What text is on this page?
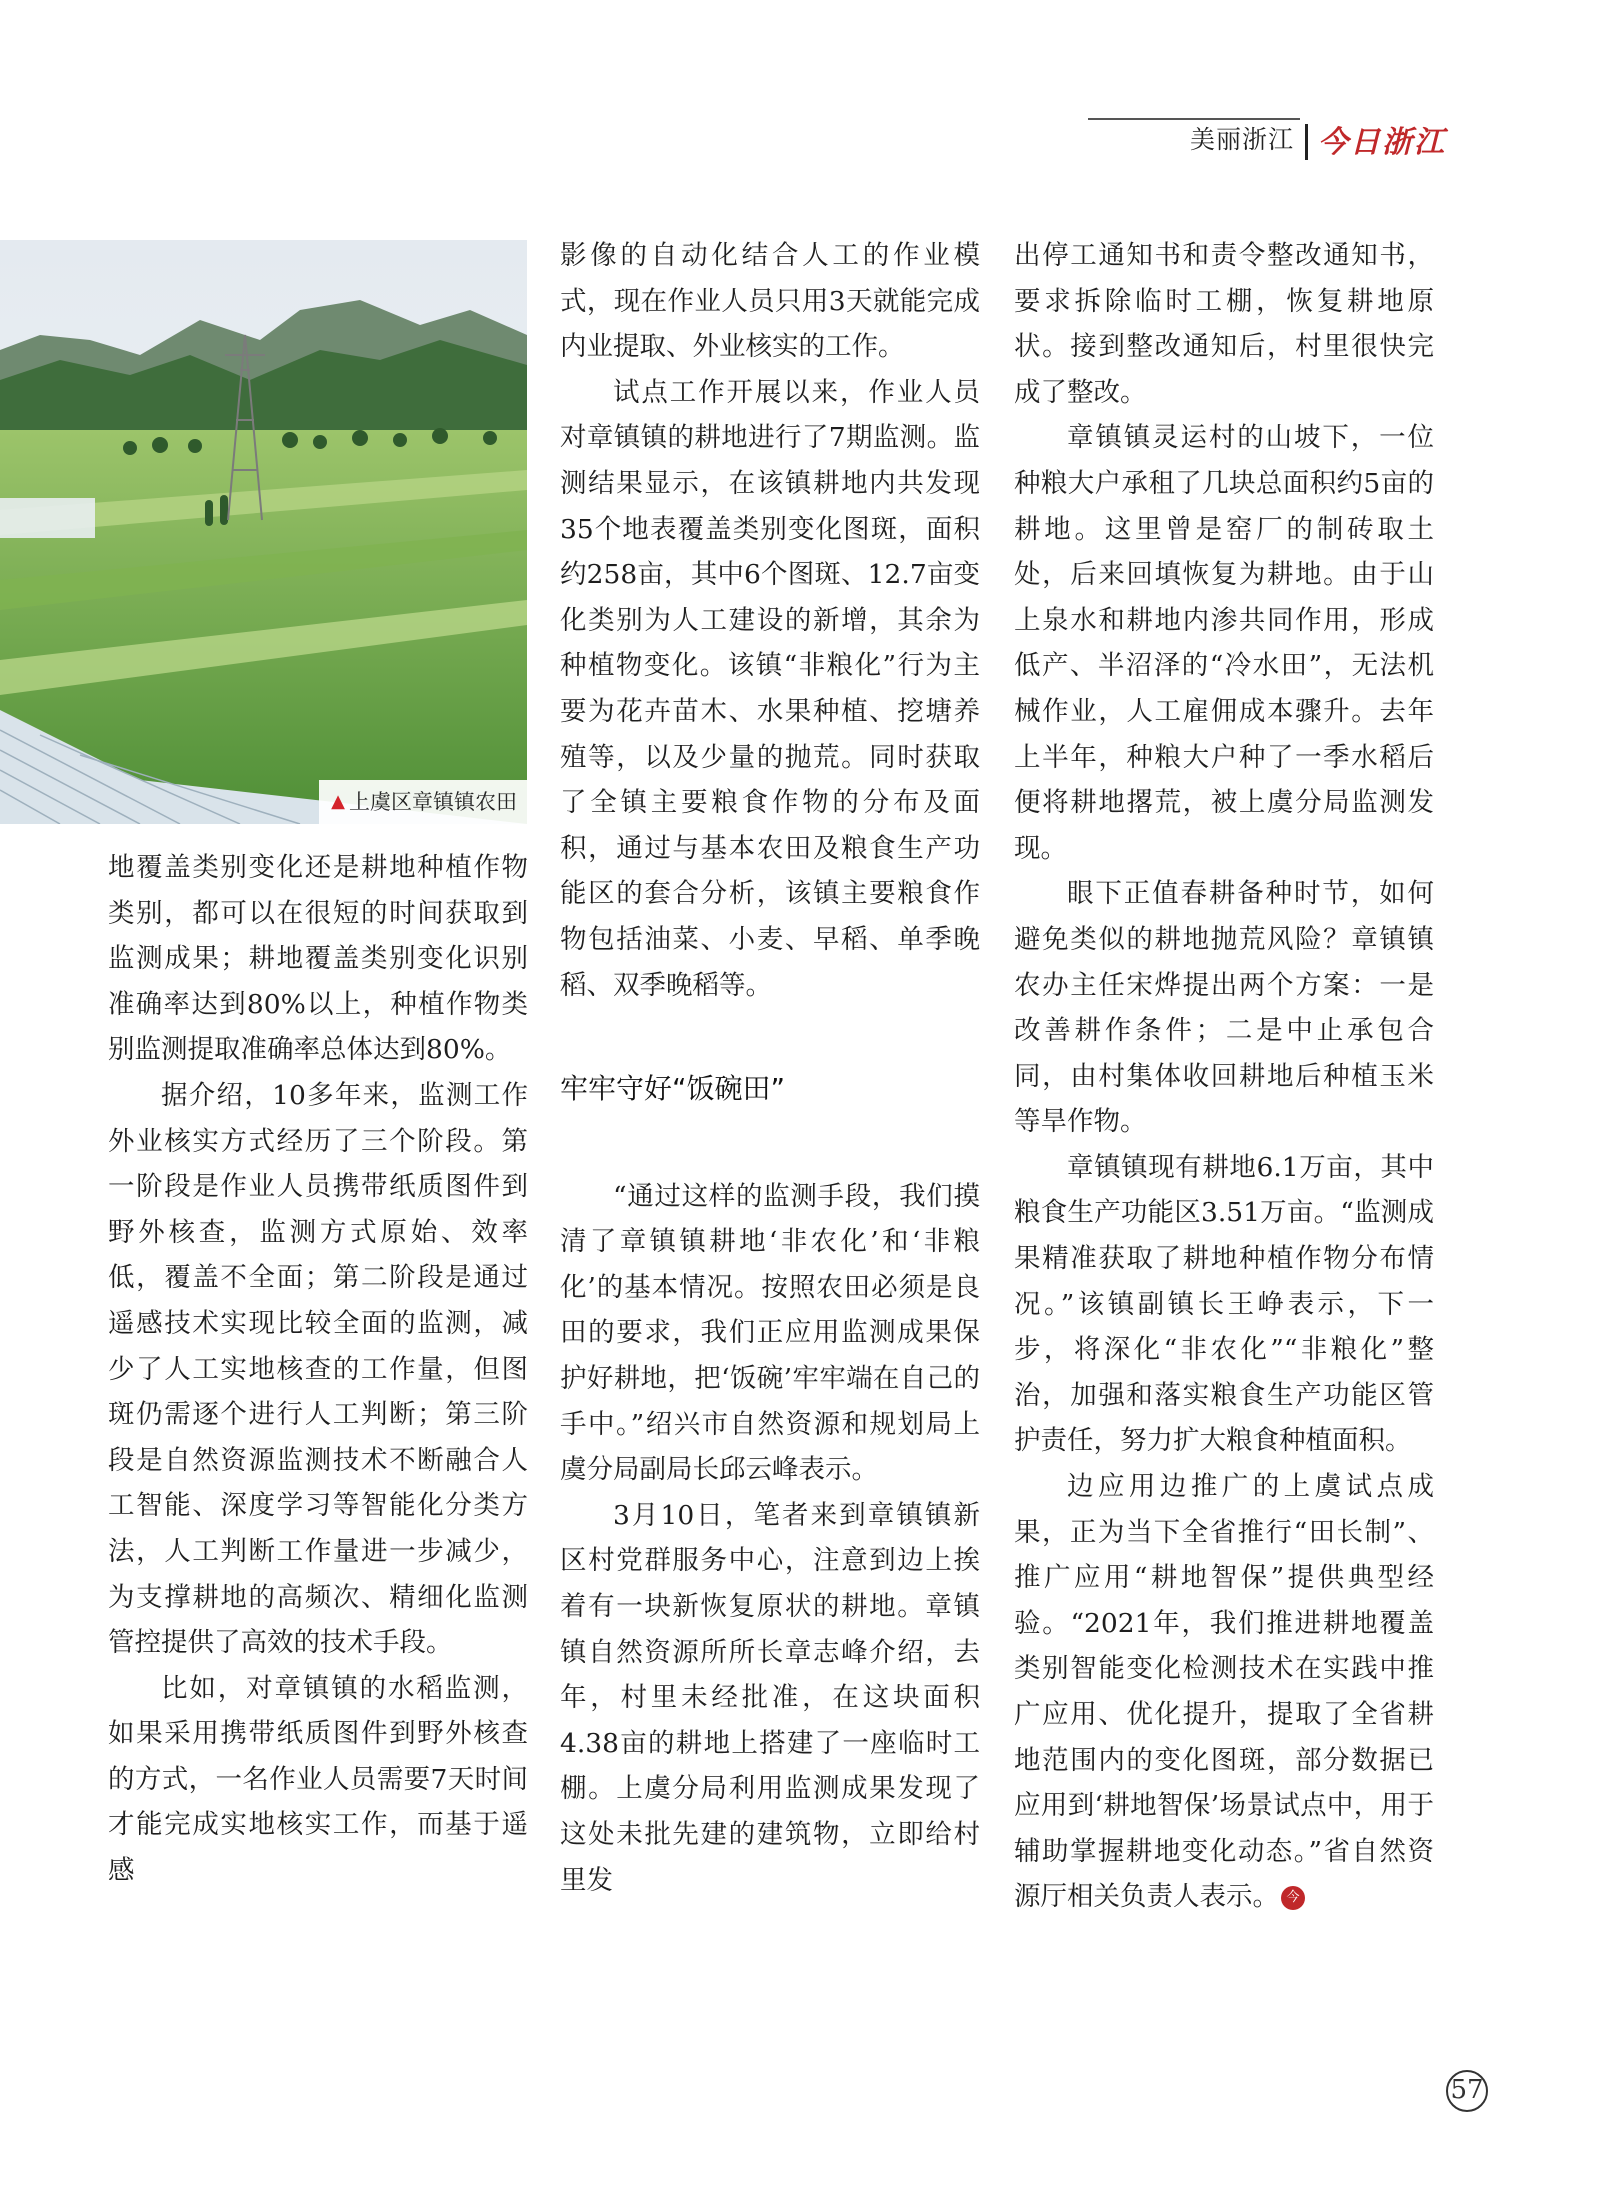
美丽浙江 今日浙江
▲ 上虞区章镇镇农田

地覆盖类别变化还是耕地种植作物类别，都可以在很短的时间获取到监测成果；耕地覆盖类别变化识别准确率达到80%以上，种植作物类别监测提取准确率总体达到80%。

据介绍，10多年来，监测工作外业核实方式经历了三个阶段。第一阶段是作业人员携带纸质图件到野外核查，监测方式原始、效率低，覆盖不全面；第二阶段是通过遥感技术实现比较全面的监测，减少了人工实地核查的工作量，但图斑仍需逐个进行人工判断；第三阶段是自然资源监测技术不断融合人工智能、深度学习等智能化分类方法，人工判断工作量进一步减少，为支撑耕地的高频次、精细化监测管控提供了高效的技术手段。

比如，对章镇镇的水稻监测，如果采用携带纸质图件到野外核查的方式，一名作业人员需要7天时间才能完成实地核实工作，而基于遥感

影像的自动化结合人工的作业模式，现在作业人员只用3天就能完成内业提取、外业核实的工作。

试点工作开展以来，作业人员对章镇镇的耕地进行了7期监测。监测结果显示，在该镇耕地内共发现35个地表覆盖类别变化图斑，面积约258亩，其中6个图斑、12.7亩变化类别为人工建设的新增，其余为种植物变化。该镇“非粮化”行为主要为花卉苗木、水果种植、挖塘养殖等，以及少量的抛荒。同时获取了全镇主要粮食作物的分布及面积，通过与基本农田及粮食生产功能区的套合分析，该镇主要粮食作物包括油菜、小麦、早稻、单季晚稻、双季晚稻等。

牢牢守好“饭碗田”

“通过这样的监测手段，我们摸清了章镇镇耕地‘非农化’和‘非粮化’的基本情况。按照农田必须是良田的要求，我们正应用监测成果保护好耕地，把‘饭碗’牢牢端在自己的手中。”绍兴市自然资源和规划局上虞分局副局长邱云峰表示。

3月10日，笔者来到章镇镇新区村党群服务中心，注意到边上挨着有一块新恢复原状的耕地。章镇镇自然资源所所长章志峰介绍，去年，村里未经批准，在这块面积4.38亩的耕地上搭建了一座临时工棚。上虞分局利用监测成果发现了这处未批先建的建筑物，立即给村里发

出停工通知书和责令整改通知书，要求拆除临时工棚，恢复耕地原状。接到整改通知后，村里很快完成了整改。

章镇镇灵运村的山坡下，一位种粮大户承租了几块总面积约5亩的耕地。这里曾是窑厂的制砖取土处，后来回填恢复为耕地。由于山上泉水和耕地内渗共同作用，形成低产、半沼泽的“冷水田”，无法机械作业，人工雇佣成本骤升。去年上半年，种粮大户种了一季水稻后便将耕地撂荒，被上虞分局监测发现。

眼下正值春耕备种时节，如何避免类似的耕地抛荒风险？章镇镇农办主任宋烨提出两个方案：一是改善耕作条件；二是中止承包合同，由村集体收回耕地后种植玉米等旱作物。

章镇镇现有耕地6.1万亩，其中粮食生产功能区3.51万亩。“监测成果精准获取了耕地种植作物分布情况。”该镇副镇长王峥表示，下一步，将深化“非农化”“非粮化”整治，加强和落实粮食生产功能区管护责任，努力扩大粮食种植面积。

边应用边推广的上虞试点成果，正为当下全省推行“田长制”、推广应用“耕地智保”提供典型经验。“2021年，我们推进耕地覆盖类别智能变化检测技术在实践中推广应用、优化提升，提取了全省耕地范围内的变化图斑，部分数据已应用到‘耕地智保’场景试点中，用于辅助掌握耕地变化动态。”省自然资源厅相关负责人表示。 今

57
